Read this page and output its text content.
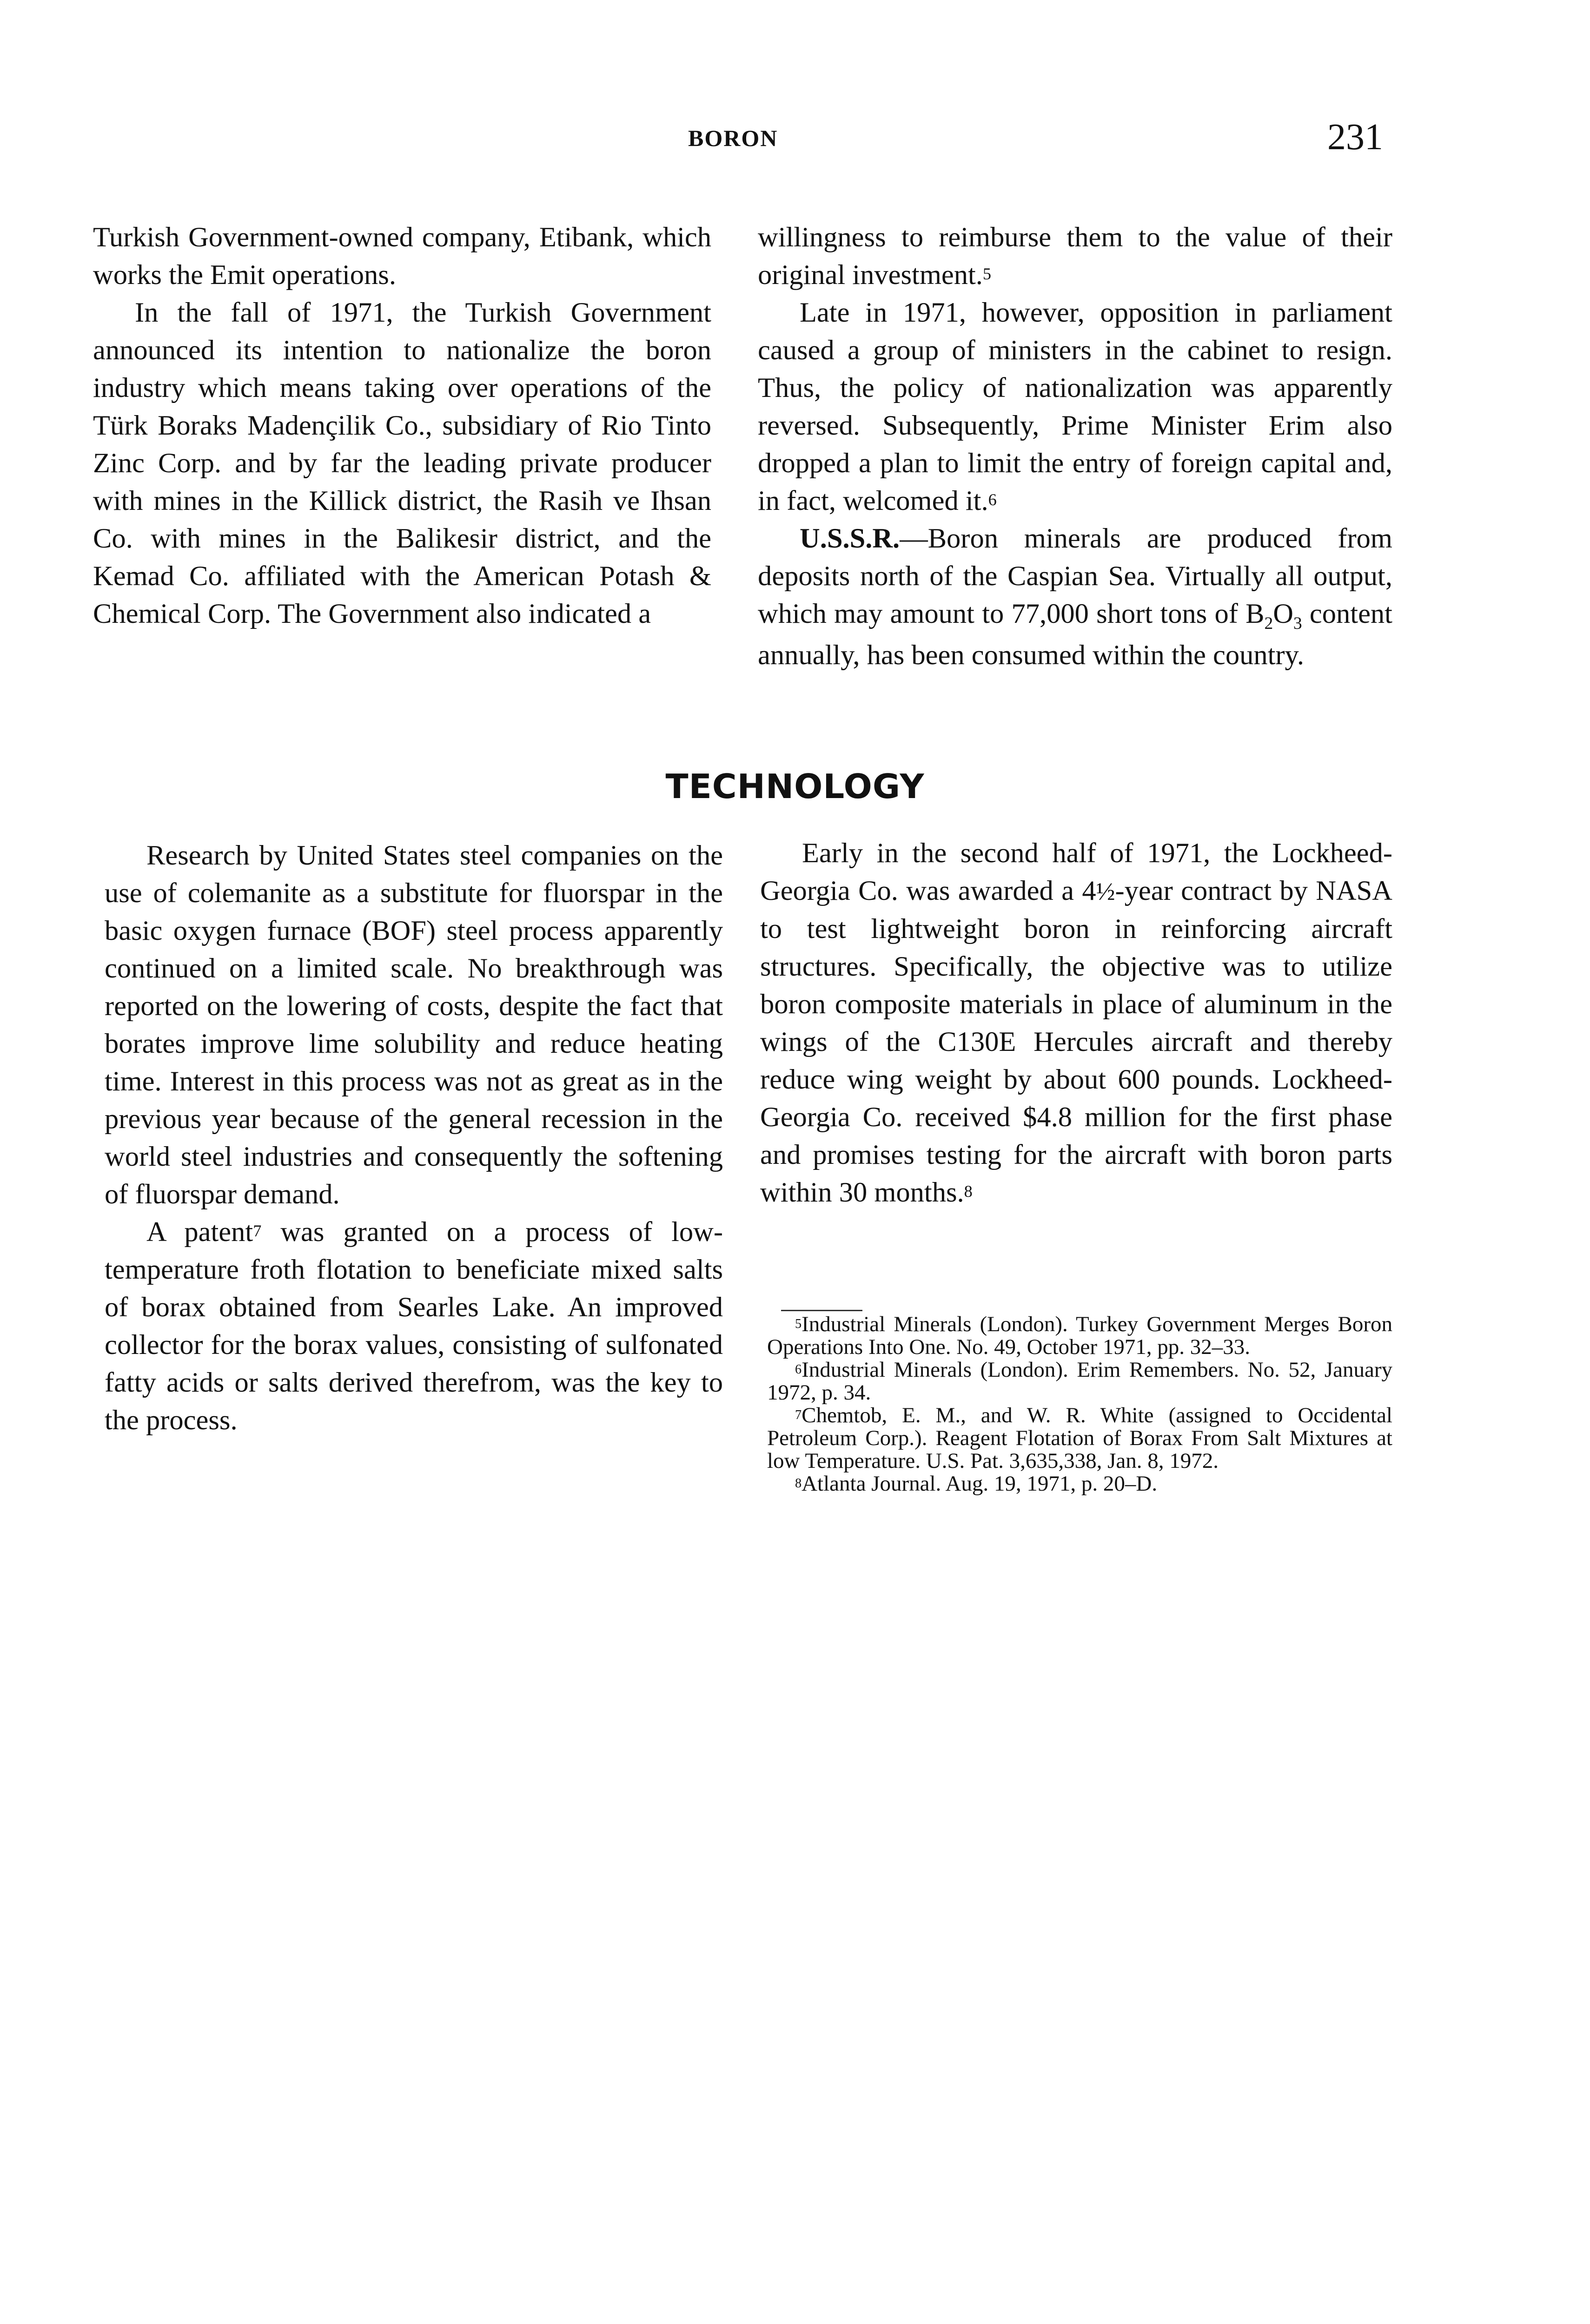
BORON	231

Turkish Government-owned company, Etibank, which works the Emit operations.

In the fall of 1971, the Turkish Government announced its intention to nationalize the boron industry which means taking over operations of the Türk Boraks Madençilik Co., subsidiary of Rio Tinto Zinc Corp. and by far the leading private producer with mines in the Killick district, the Rasih ve Ihsan Co. with mines in the Balikesir district, and the Kemad Co. affiliated with the American Potash & Chemical Corp. The Government also indicated a

willingness to reimburse them to the value of their original investment.$^5$

Late in 1971, however, opposition in parliament caused a group of ministers in the cabinet to resign. Thus, the policy of nationalization was apparently reversed. Subsequently, Prime Minister Erim also dropped a plan to limit the entry of foreign capital and, in fact, welcomed it.$^6$

U.S.S.R.—Boron minerals are produced from deposits north of the Caspian Sea. Virtually all output, which may amount to 77,000 short tons of $B_2O_3$ content annually, has been consumed within the country.

TECHNOLOGY

Research by United States steel companies on the use of colemanite as a substitute for fluorspar in the basic oxygen furnace (BOF) steel process apparently continued on a limited scale. No breakthrough was reported on the lowering of costs, despite the fact that borates improve lime solubility and reduce heating time. Interest in this process was not as great as in the previous year because of the general recession in the world steel industries and consequently the softening of fluorspar demand.

A patent$^7$ was granted on a process of low-temperature froth flotation to beneficiate mixed salts of borax obtained from Searles Lake. An improved collector for the borax values, consisting of sulfonated fatty acids or salts derived therefrom, was the key to the process.

Early in the second half of 1971, the Lockheed-Georgia Co. was awarded a 4½-year contract by NASA to test lightweight boron in reinforcing aircraft structures. Specifically, the objective was to utilize boron composite materials in place of aluminum in the wings of the C130E Hercules aircraft and thereby reduce wing weight by about 600 pounds. Lockheed-Georgia Co. received $4.8 million for the first phase and promises testing for the aircraft with boron parts within 30 months.$^8$

$^5$Industrial Minerals (London). Turkey Government Merges Boron Operations Into One. No. 49, October 1971, pp. 32–33.

$^6$Industrial Minerals (London). Erim Remembers. No. 52, January 1972, p. 34.

$^7$Chemtob, E. M., and W. R. White (assigned to Occidental Petroleum Corp.). Reagent Flotation of Borax From Salt Mixtures at low Temperature. U.S. Pat. 3,635,338, Jan. 8, 1972.

$^8$Atlanta Journal. Aug. 19, 1971, p. 20–D.
